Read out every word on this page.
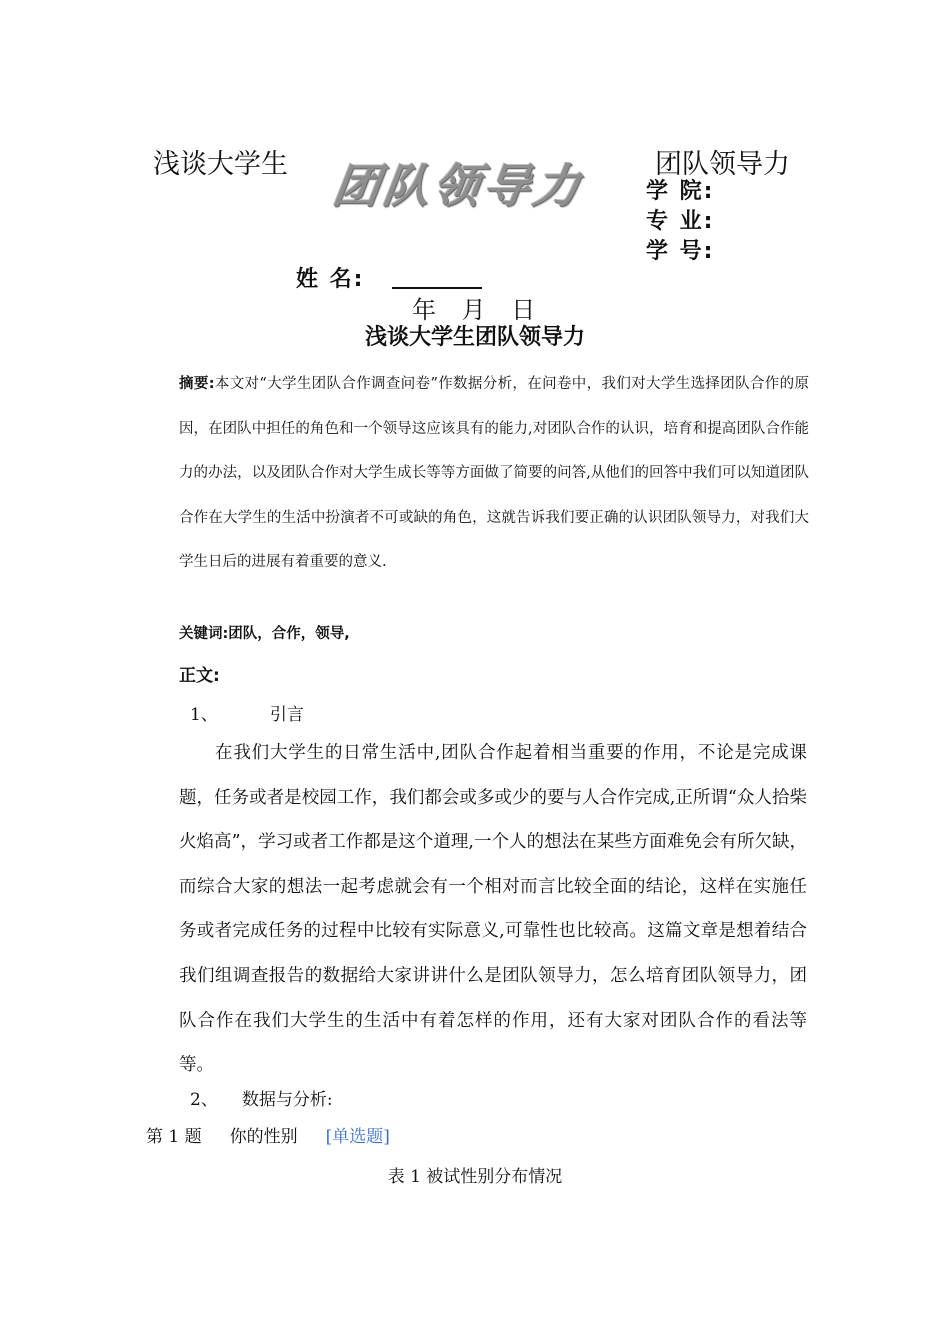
浅谈大学生 团队领导力	团队领导力
学 院:
专 业:
学 号:
姓 名:
年 月 日
浅谈大学生团队领导力
摘要:本文对“大学生团队合作调查问卷”作数据分析，在问卷中，我们对大学生选择团队合作的原因，在团队中担任的角色和一个领导这应该具有的能力,对团队合作的认识，培育和提高团队合作能力的办法，以及团队合作对大学生成长等等方面做了简要的问答,从他们的回答中我们可以知道团队合作在大学生的生活中扮演者不可或缺的角色，这就告诉我们要正确的认识团队领导力，对我们大学生日后的进展有着重要的意义.
关键词:团队，合作，领导,
正文:
1、	引言
在我们大学生的日常生活中,团队合作起着相当重要的作用，不论是完成课题，任务或者是校园工作，我们都会或多或少的要与人合作完成,正所谓“众人拾柴火焰高”，学习或者工作都是这个道理,一个人的想法在某些方面难免会有所欠缺，而综合大家的想法一起考虑就会有一个相对而言比较全面的结论，这样在实施任务或者完成任务的过程中比较有实际意义,可靠性也比较高。这篇文章是想着结合我们组调查报告的数据给大家讲讲什么是团队领导力，怎么培育团队领导力，团队合作在我们大学生的生活中有着怎样的作用，还有大家对团队合作的看法等等。
2、 数据与分析:
第 1 题 你的性别 [单选题]
表 1 被试性别分布情况
